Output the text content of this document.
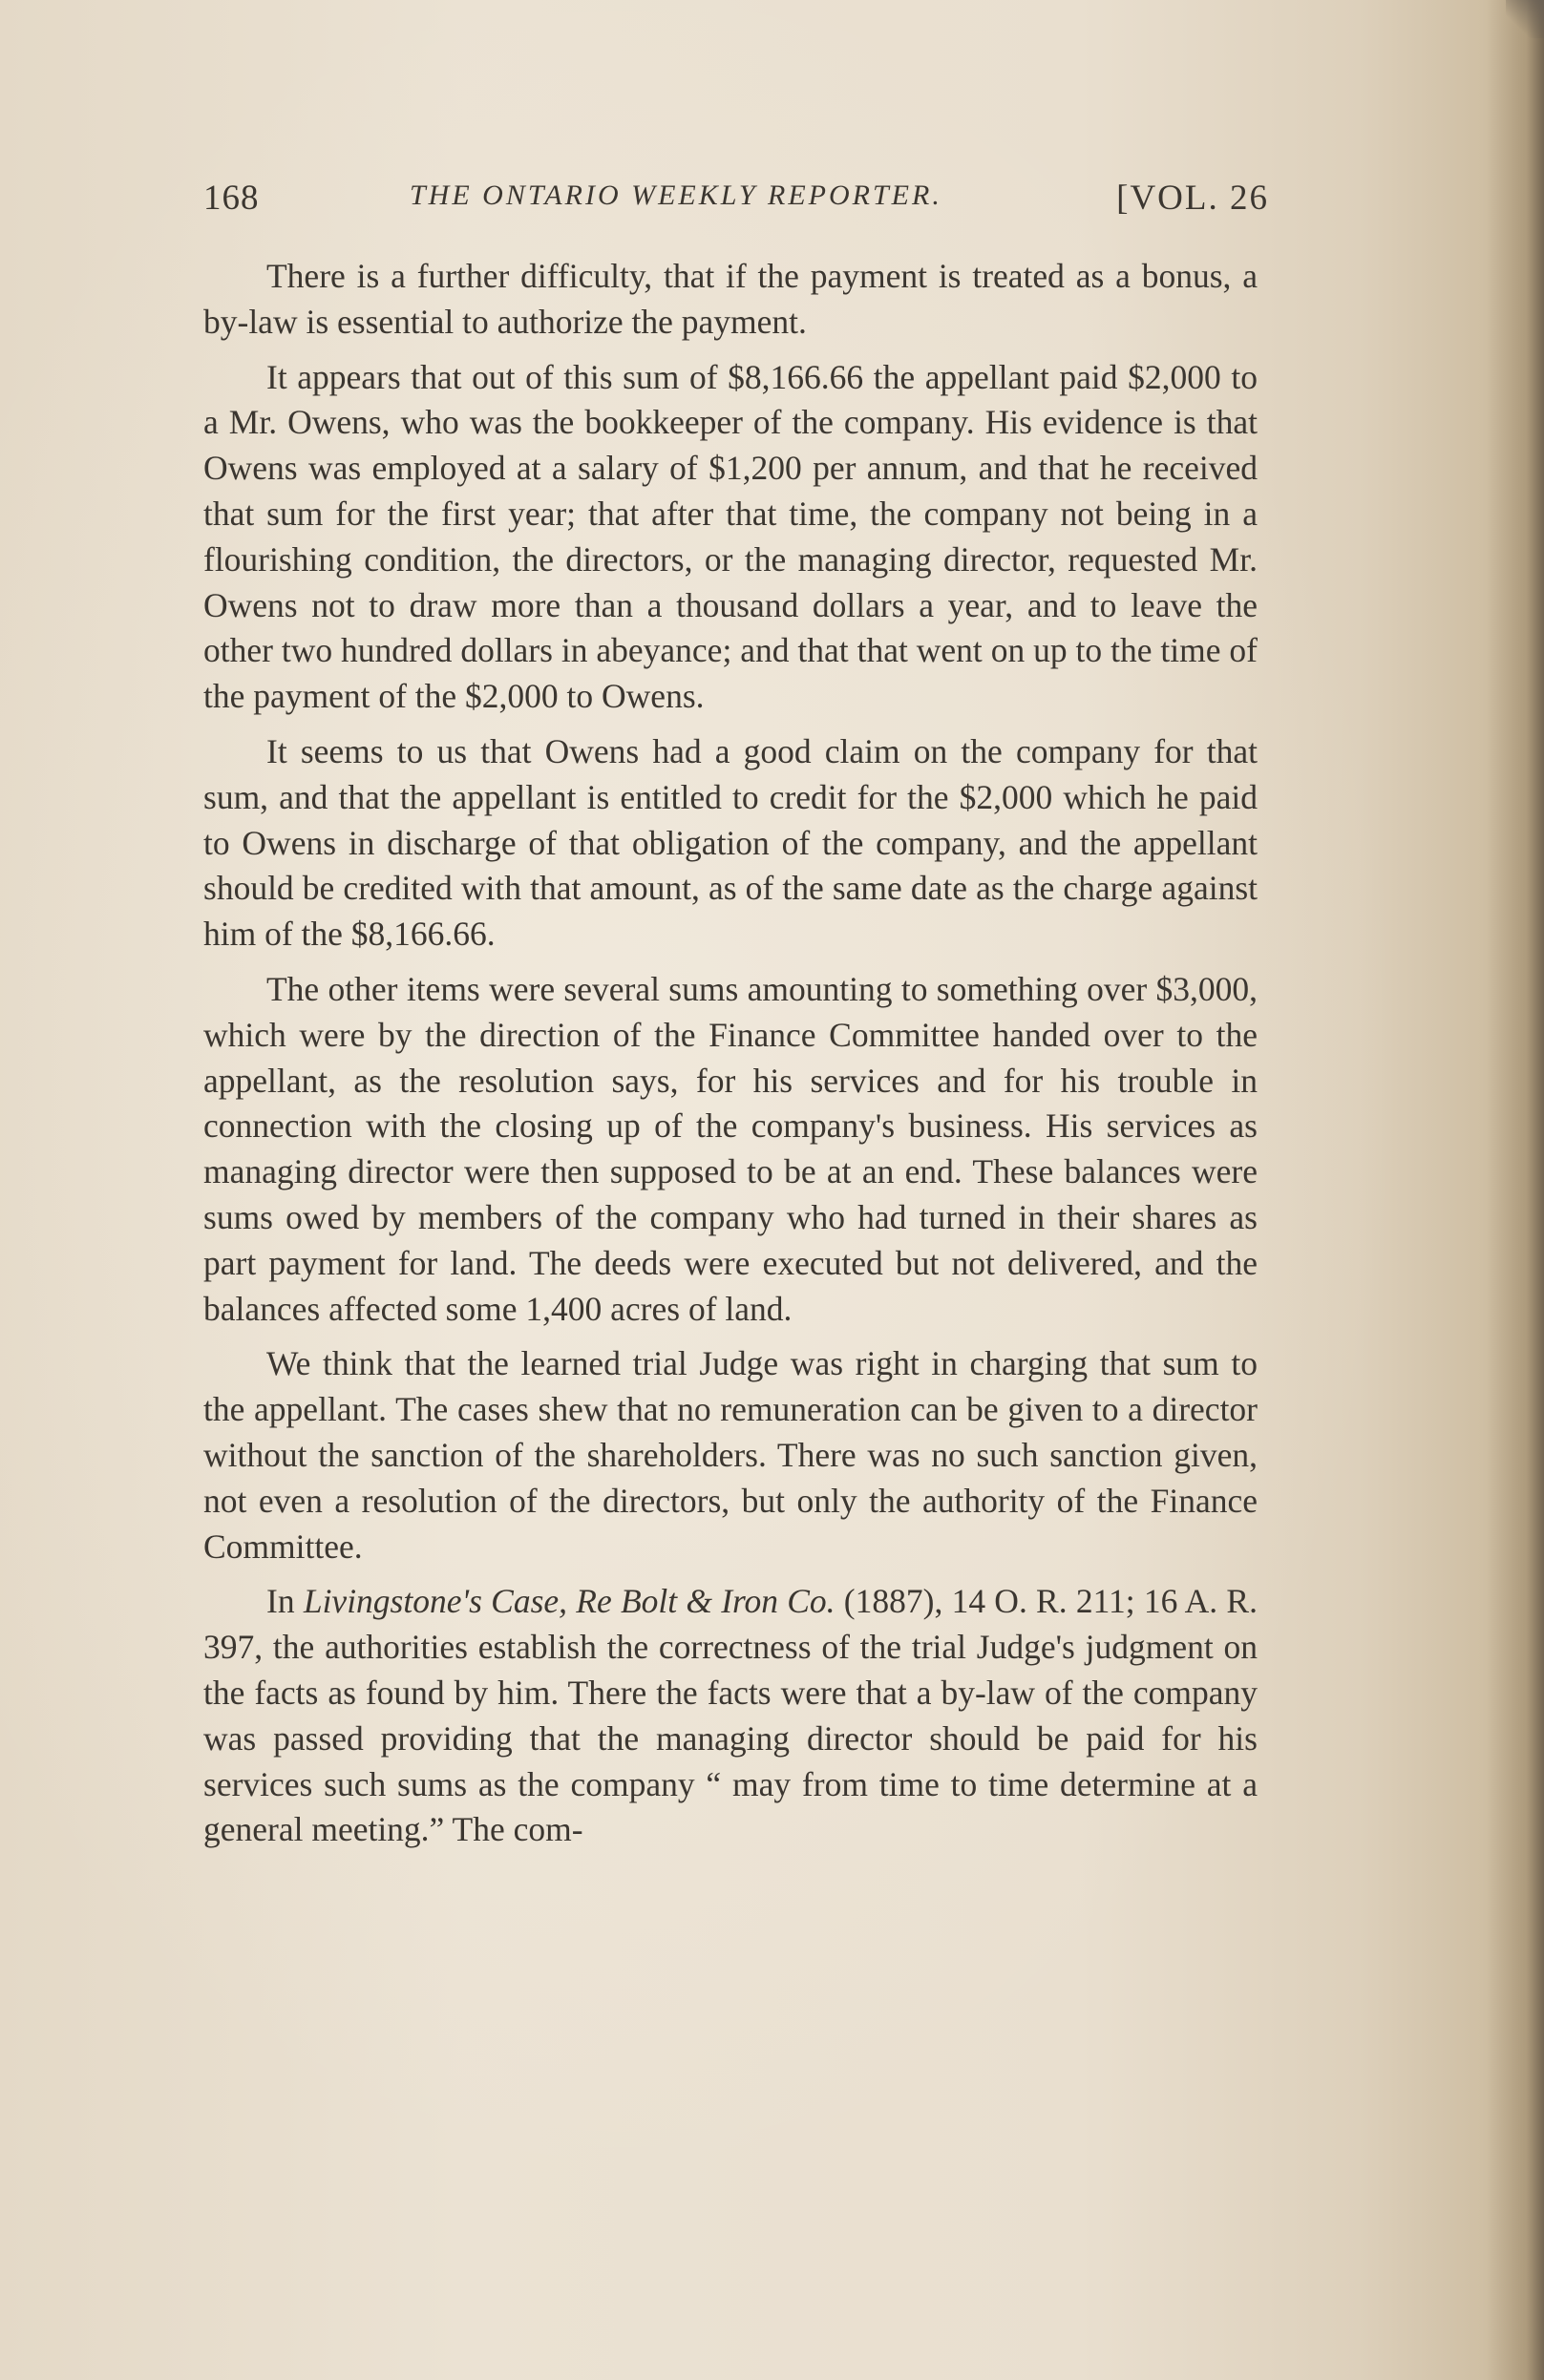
168	THE ONTARIO WEEKLY REPORTER.	[VOL. 26

There is a further difficulty, that if the payment is treated as a bonus, a by-law is essential to authorize the payment.

It appears that out of this sum of $8,166.66 the appellant paid $2,000 to a Mr. Owens, who was the bookkeeper of the company. His evidence is that Owens was employed at a salary of $1,200 per annum, and that he received that sum for the first year; that after that time, the company not being in a flourishing condition, the directors, or the managing director, requested Mr. Owens not to draw more than a thousand dollars a year, and to leave the other two hundred dollars in abeyance; and that that went on up to the time of the payment of the $2,000 to Owens.

It seems to us that Owens had a good claim on the company for that sum, and that the appellant is entitled to credit for the $2,000 which he paid to Owens in discharge of that obligation of the company, and the appellant should be credited with that amount, as of the same date as the charge against him of the $8,166.66.

The other items were several sums amounting to something over $3,000, which were by the direction of the Finance Committee handed over to the appellant, as the resolution says, for his services and for his trouble in connection with the closing up of the company's business. His services as managing director were then supposed to be at an end. These balances were sums owed by members of the company who had turned in their shares as part payment for land. The deeds were executed but not delivered, and the balances affected some 1,400 acres of land.

We think that the learned trial Judge was right in charging that sum to the appellant. The cases shew that no remuneration can be given to a director without the sanction of the shareholders. There was no such sanction given, not even a resolution of the directors, but only the authority of the Finance Committee.

In Livingstone's Case, Re Bolt & Iron Co. (1887), 14 O. R. 211; 16 A. R. 397, the authorities establish the correctness of the trial Judge's judgment on the facts as found by him. There the facts were that a by-law of the company was passed providing that the managing director should be paid for his services such sums as the company “ may from time to time determine at a general meeting.” The com-
